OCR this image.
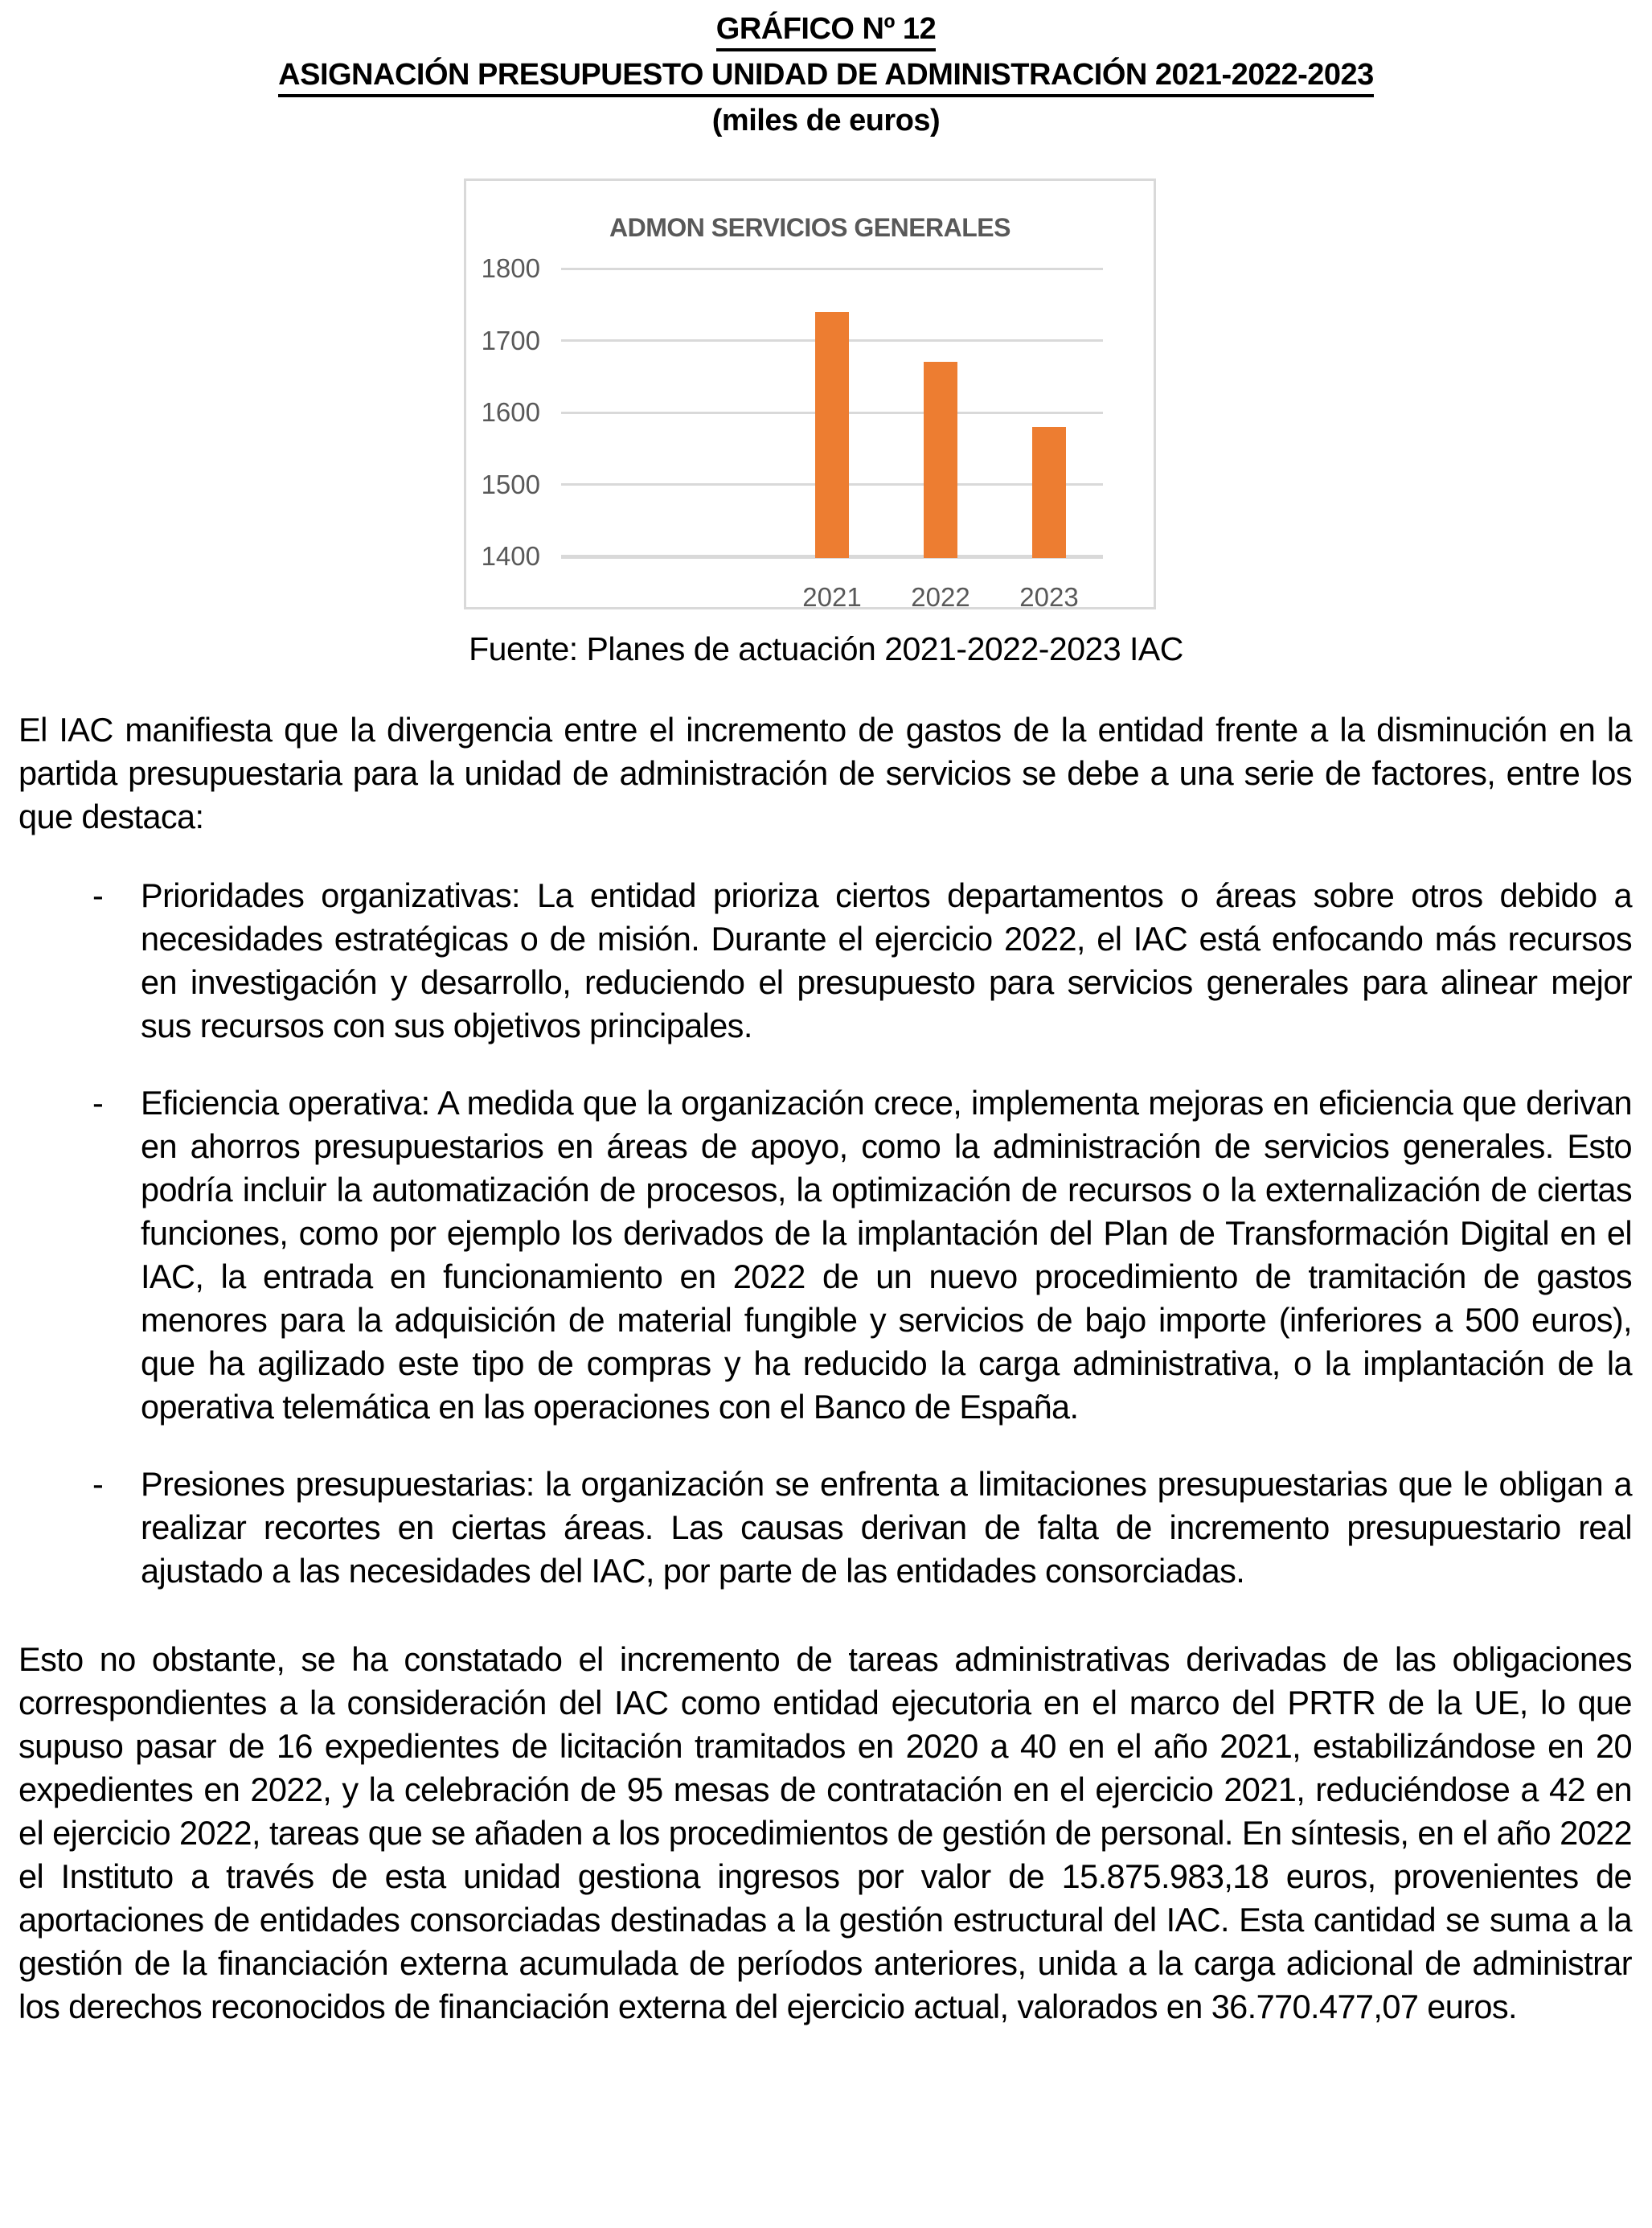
GRÁFICO Nº 12
ASIGNACIÓN PRESUPUESTO UNIDAD DE ADMINISTRACIÓN 2021-2022-2023
(miles de euros)
ADMON SERVICIOS GENERALES
1800
1700
1600
1500
1400
2021	2022	2023
Fuente: Planes de actuación 2021-2022-2023 IAC

El IAC manifiesta que la divergencia entre el incremento de gastos de la entidad frente a la disminución en la partida presupuestaria para la unidad de administración de servicios se debe a una serie de factores, entre los que destaca:

- Prioridades organizativas: La entidad prioriza ciertos departamentos o áreas sobre otros debido a necesidades estratégicas o de misión. Durante el ejercicio 2022, el IAC está enfocando más recursos en investigación y desarrollo, reduciendo el presupuesto para servicios generales para alinear mejor sus recursos con sus objetivos principales.
- Eficiencia operativa: A medida que la organización crece, implementa mejoras en eficiencia que derivan en ahorros presupuestarios en áreas de apoyo, como la administración de servicios generales. Esto podría incluir la automatización de procesos, la optimización de recursos o la externalización de ciertas funciones, como por ejemplo los derivados de la implantación del Plan de Transformación Digital en el IAC, la entrada en funcionamiento en 2022 de un nuevo procedimiento de tramitación de gastos menores para la adquisición de material fungible y servicios de bajo importe (inferiores a 500 euros), que ha agilizado este tipo de compras y ha reducido la carga administrativa, o la implantación de la operativa telemática en las operaciones con el Banco de España.
- Presiones presupuestarias: la organización se enfrenta a limitaciones presupuestarias que le obligan a realizar recortes en ciertas áreas. Las causas derivan de falta de incremento presupuestario real ajustado a las necesidades del IAC, por parte de las entidades consorciadas.

Esto no obstante, se ha constatado el incremento de tareas administrativas derivadas de las obligaciones correspondientes a la consideración del IAC como entidad ejecutoria en el marco del PRTR de la UE, lo que supuso pasar de 16 expedientes de licitación tramitados en 2020 a 40 en el año 2021, estabilizándose en 20 expedientes en 2022, y la celebración de 95 mesas de contratación en el ejercicio 2021, reduciéndose a 42 en el ejercicio 2022, tareas que se añaden a los procedimientos de gestión de personal. En síntesis, en el año 2022 el Instituto a través de esta unidad gestiona ingresos por valor de 15.875.983,18 euros, provenientes de aportaciones de entidades consorciadas destinadas a la gestión estructural del IAC. Esta cantidad se suma a la gestión de la financiación externa acumulada de períodos anteriores, unida a la carga adicional de administrar los derechos reconocidos de financiación externa del ejercicio actual, valorados en 36.770.477,07 euros.
